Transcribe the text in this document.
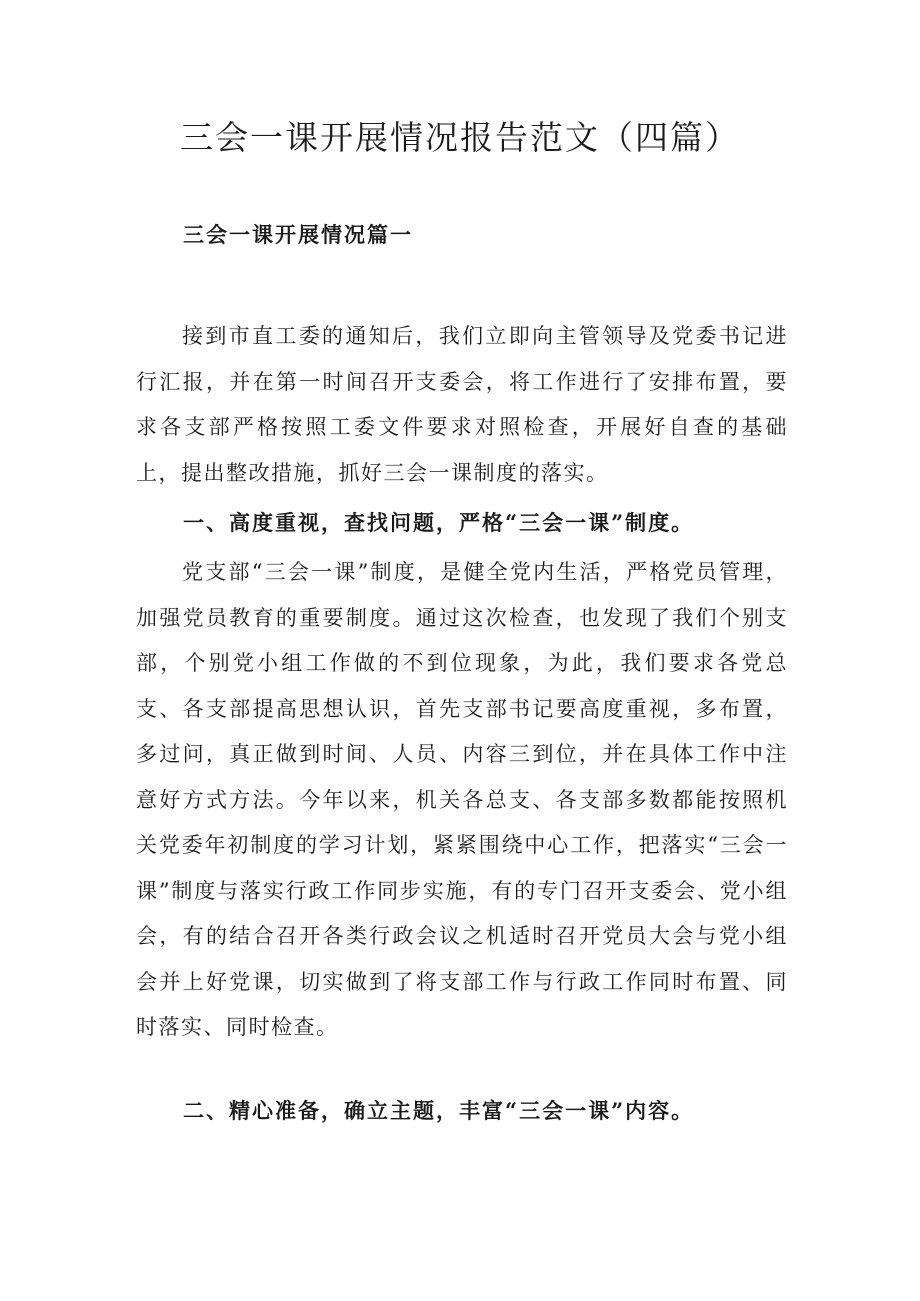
三会一课开展情况报告范文（四篇）
三会一课开展情况篇一

接到市直工委的通知后，我们立即向主管领导及党委书记进行汇报，并在第一时间召开支委会，将工作进行了安排布置，要求各支部严格按照工委文件要求对照检查，开展好自查的基础上，提出整改措施，抓好三会一课制度的落实。

一、高度重视，查找问题，严格“三会一课”制度。

党支部“三会一课”制度，是健全党内生活，严格党员管理，加强党员教育的重要制度。通过这次检查，也发现了我们个别支部，个别党小组工作做的不到位现象，为此，我们要求各党总支、各支部提高思想认识，首先支部书记要高度重视，多布置，多过问，真正做到时间、人员、内容三到位，并在具体工作中注意好方式方法。今年以来，机关各总支、各支部多数都能按照机关党委年初制度的学习计划，紧紧围绕中心工作，把落实“三会一课”制度与落实行政工作同步实施，有的专门召开支委会、党小组会，有的结合召开各类行政会议之机适时召开党员大会与党小组会并上好党课，切实做到了将支部工作与行政工作同时布置、同时落实、同时检查。

二、精心准备，确立主题，丰富“三会一课”内容。
